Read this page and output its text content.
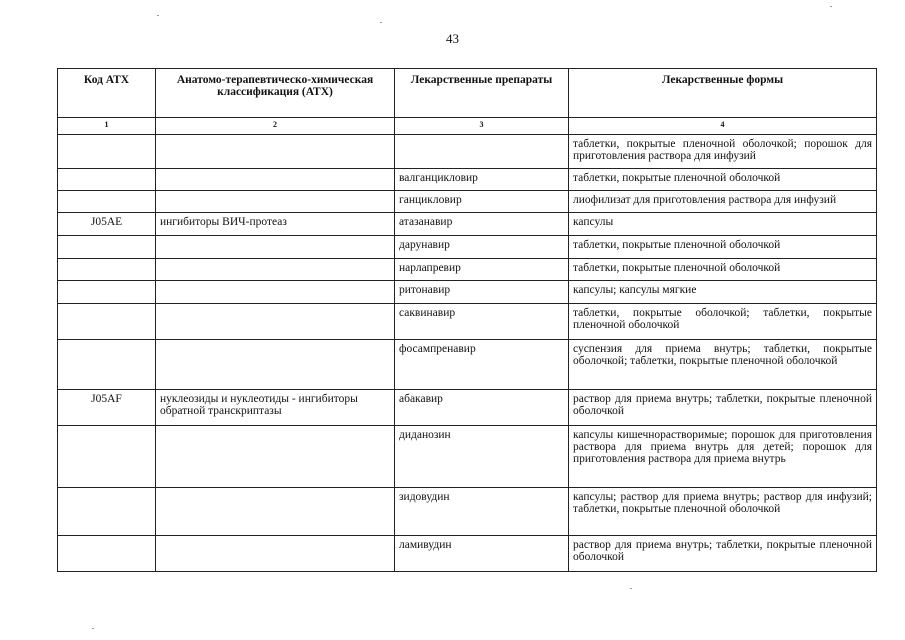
43
Код АТХ	Анатомо-терапевтическо-химическая классификация (АТХ)	Лекарственные препараты	Лекарственные формы
1	2	3	4
			таблетки, покрытые пленочной оболочкой; порошок для приготовления раствора для инфузий
		валганцикловир	таблетки, покрытые пленочной оболочкой
		ганцикловир	лиофилизат для приготовления раствора для инфузий
J05AE	ингибиторы ВИЧ-протеаз	атазанавир	капсулы
		дарунавир	таблетки, покрытые пленочной оболочкой
		нарлапревир	таблетки, покрытые пленочной оболочкой
		ритонавир	капсулы; капсулы мягкие
		саквинавир	таблетки, покрытые оболочкой; таблетки, покрытые пленочной оболочкой
		фосампренавир	суспензия для приема внутрь; таблетки, покрытые оболочкой; таблетки, покрытые пленочной оболочкой
J05AF	нуклеозиды и нуклеотиды - ингибиторы обратной транскриптазы	абакавир	раствор для приема внутрь; таблетки, покрытые пленочной оболочкой
		диданозин	капсулы кишечнорастворимые; порошок для приготовления раствора для приема внутрь для детей; порошок для приготовления раствора для приема внутрь
		зидовудин	капсулы; раствор для приема внутрь; раствор для инфузий; таблетки, покрытые пленочной оболочкой
		ламивудин	раствор для приема внутрь; таблетки, покрытые пленочной оболочкой
